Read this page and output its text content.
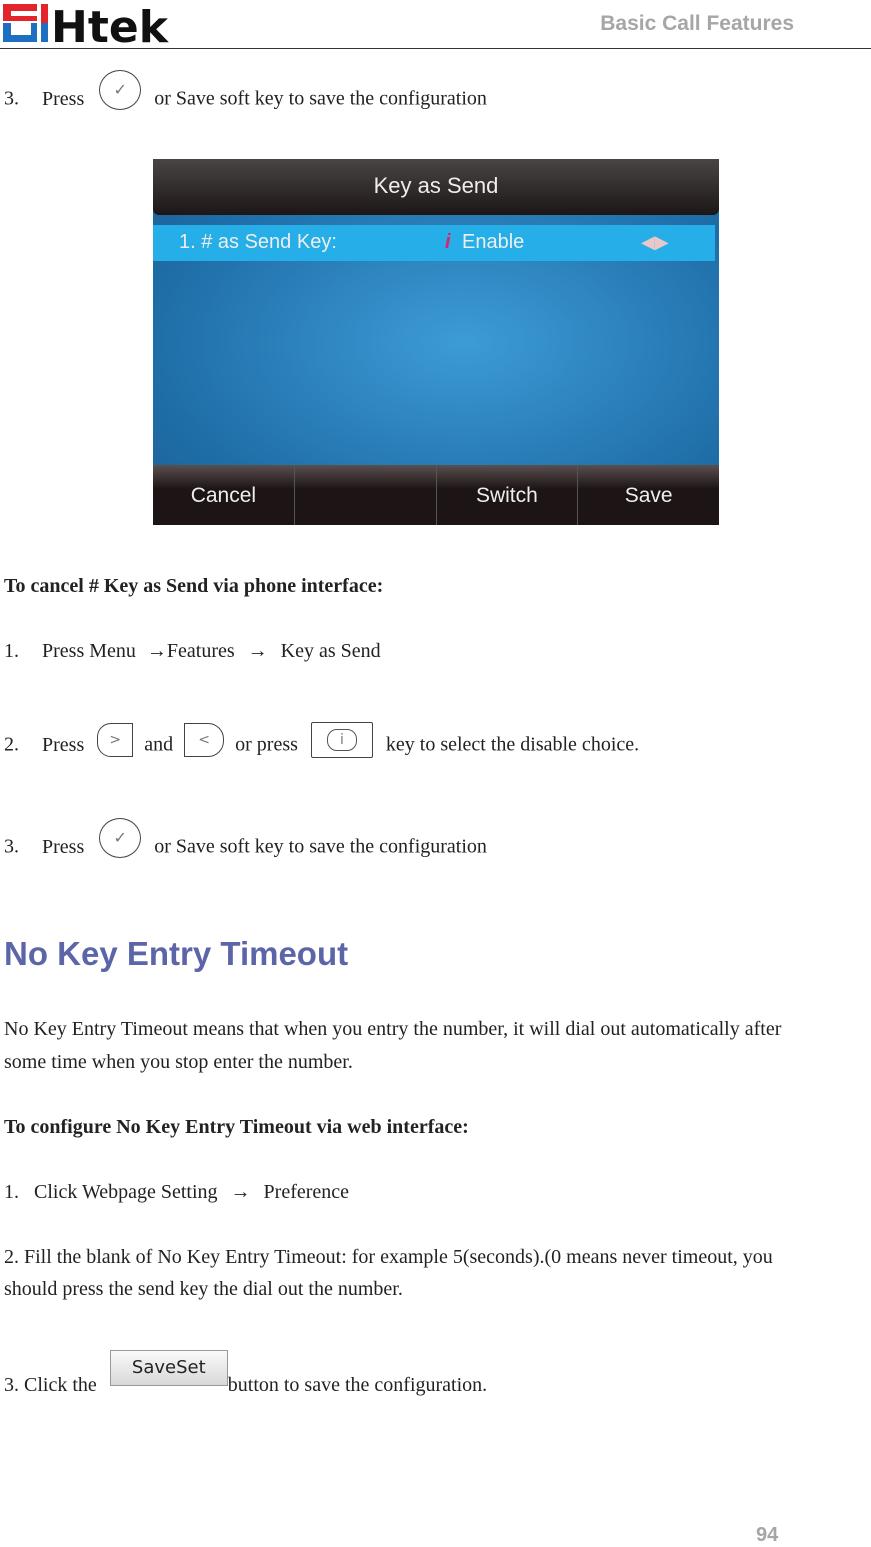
Htek	Basic Call Features
3. Press ✓ or Save soft key to save the configuration
Key as Send
1. # as Send Key:	i Enable	◀▶
Cancel	Switch	Save
To cancel # Key as Send via phone interface:
1. Press Menu →Features → Key as Send
2. Press > and < or press	i key to select the disable choice.
3. Press ✓ or Save soft key to save the configuration
No Key Entry Timeout
No Key Entry Timeout means that when you entry the number, it will dial out automatically after
some time when you stop enter the number.
To configure No Key Entry Timeout via web interface:
1.   Click Webpage Setting → Preference
2. Fill the blank of No Key Entry Timeout: for example 5(seconds).(0 means never timeout, you
should press the send key the dial out the number.
3. Click the SaveSetbutton to save the configuration.
94
